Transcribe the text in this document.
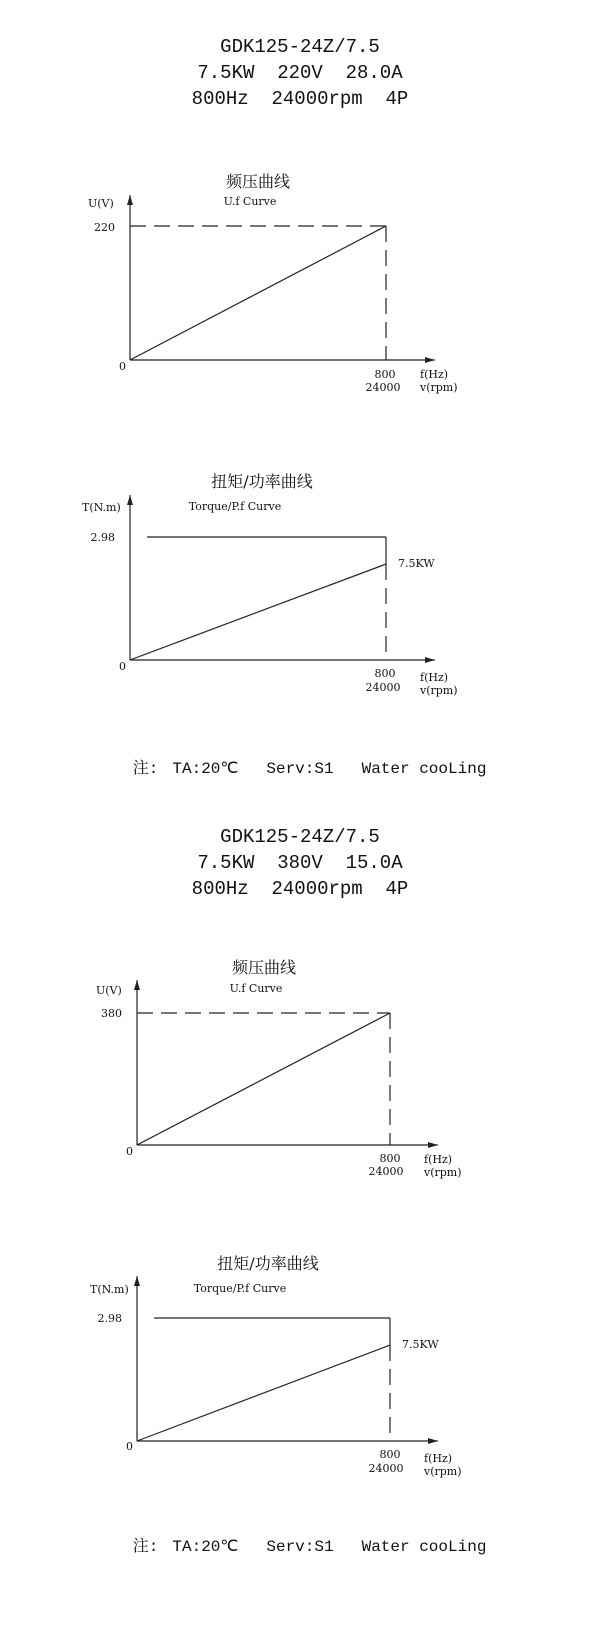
GDK125-24Z/7.5
7.5KW  220V  28.0A
800Hz  24000rpm  4P
频压曲线
U.f Curve
U(V)
220
0
800
24000
f(Hz)
v(rpm)
扭矩/功率曲线
Torque/P.f Curve
T(N.m)
2.98
0
7.5KW
800
24000
f(Hz)
v(rpm)

注: TA:20℃ Serv:S1 Water cooLing

GDK125-24Z/7.5
7.5KW  380V  15.0A
800Hz  24000rpm  4P
频压曲线
U.f Curve
U(V)
380
0
800
24000
f(Hz)
v(rpm)
扭矩/功率曲线
Torque/P.f Curve
T(N.m)
2.98
0
7.5KW
800
24000
f(Hz)
v(rpm)

注: TA:20℃ Serv:S1 Water cooLing
